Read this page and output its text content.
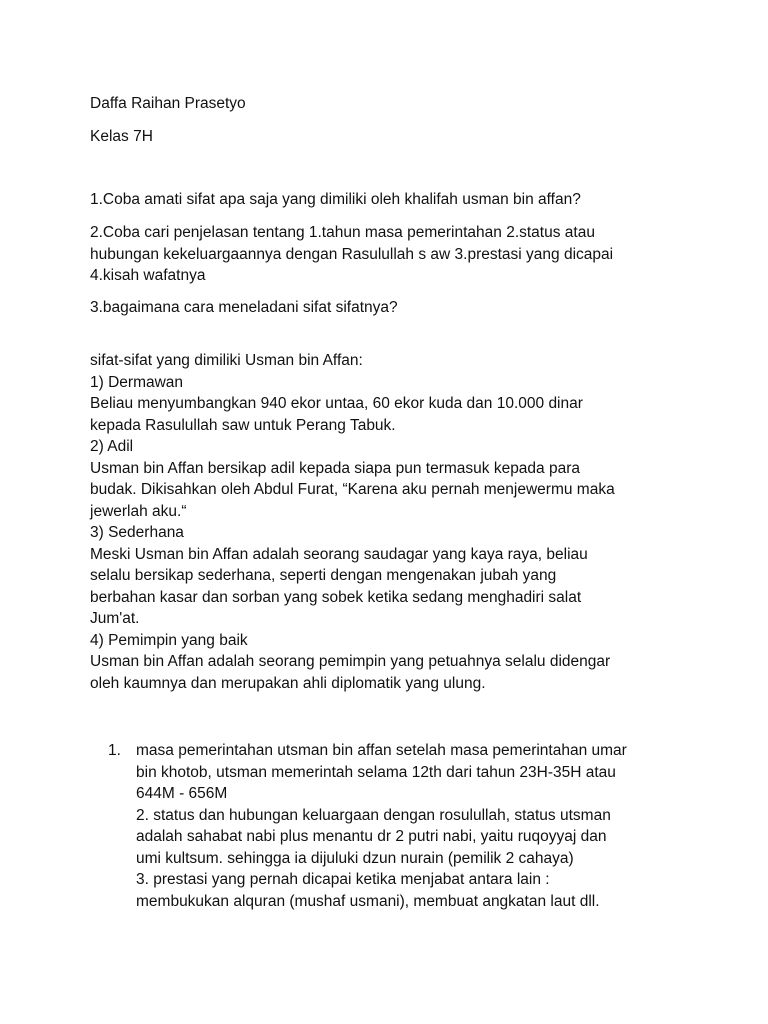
Daffa Raihan Prasetyo
Kelas 7H
1.Coba amati sifat apa saja yang dimiliki oleh khalifah usman bin affan?
2.Coba cari penjelasan tentang 1.tahun masa pemerintahan 2.status atau
hubungan kekeluargaannya dengan Rasulullah s aw 3.prestasi yang dicapai
4.kisah wafatnya
3.bagaimana cara meneladani sifat sifatnya?
sifat-sifat yang dimiliki Usman bin Affan:
1) Dermawan
Beliau menyumbangkan 940 ekor untaa, 60 ekor kuda dan 10.000 dinar
kepada Rasulullah saw untuk Perang Tabuk.
2) Adil
Usman bin Affan bersikap adil kepada siapa pun termasuk kepada para
budak. Dikisahkan oleh Abdul Furat, “Karena aku pernah menjewermu maka
jewerlah aku.“
3) Sederhana
Meski Usman bin Affan adalah seorang saudagar yang kaya raya, beliau
selalu bersikap sederhana, seperti dengan mengenakan jubah yang
berbahan kasar dan sorban yang sobek ketika sedang menghadiri salat
Jum'at.
4) Pemimpin yang baik
Usman bin Affan adalah seorang pemimpin yang petuahnya selalu didengar
oleh kaumnya dan merupakan ahli diplomatik yang ulung.
1. masa pemerintahan utsman bin affan setelah masa pemerintahan umar
bin khotob, utsman memerintah selama 12th dari tahun 23H-35H atau
644M - 656M
2. status dan hubungan keluargaan dengan rosulullah, status utsman
adalah sahabat nabi plus menantu dr 2 putri nabi, yaitu ruqoyyaj dan
umi kultsum. sehingga ia dijuluki dzun nurain (pemilik 2 cahaya)
3. prestasi yang pernah dicapai ketika menjabat antara lain :
membukukan alquran (mushaf usmani), membuat angkatan laut dll.
